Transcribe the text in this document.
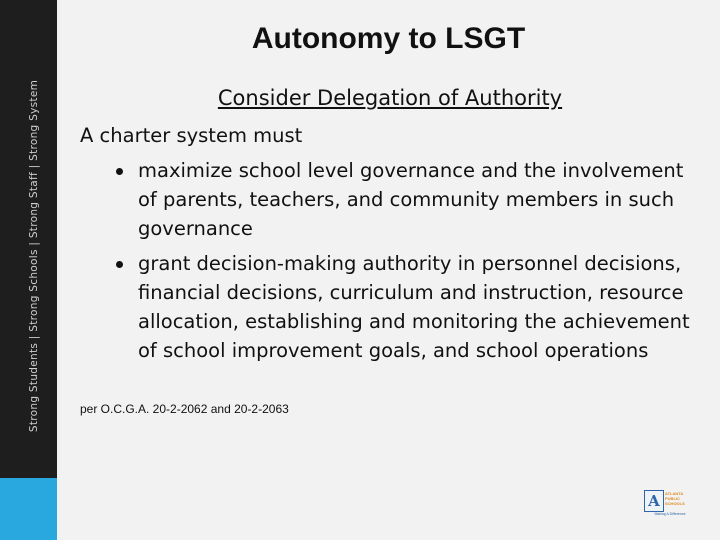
Strong Students | Strong Schools | Strong Staff | Strong System
Autonomy to LSGT
Consider Delegation of Authority
A charter system must
maximize school level governance and the involvement of parents, teachers, and community members in such governance
grant decision-making authority in personnel decisions, financial decisions, curriculum and instruction, resource allocation, establishing and monitoring the achievement of school improvement goals, and school operations
per O.C.G.A. 20-2-2062 and 20-2-2063
A	ATLANTA PUBLIC SCHOOLS
Making A Difference
